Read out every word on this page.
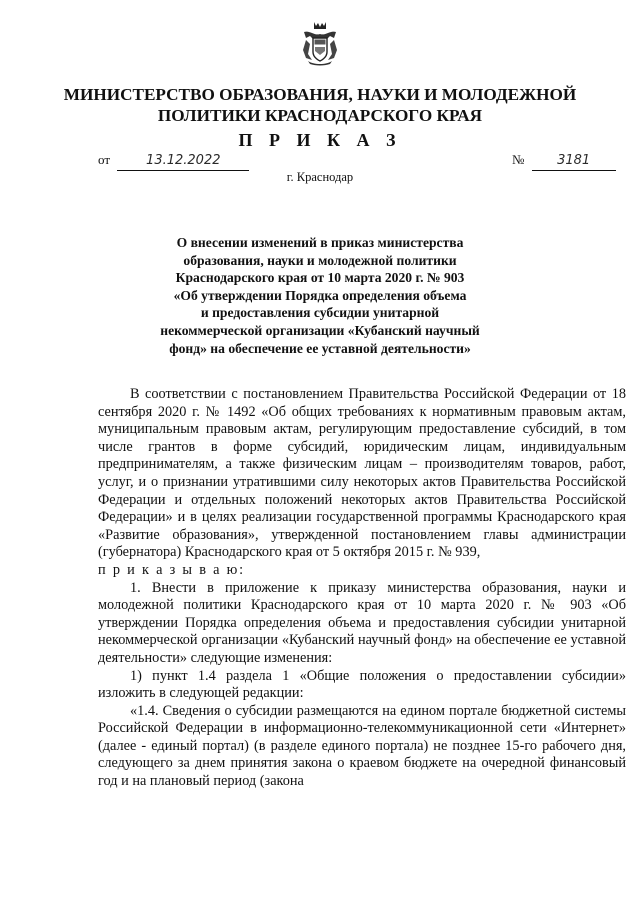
МИНИСТЕРСТВО ОБРАЗОВАНИЯ, НАУКИ И МОЛОДЕЖНОЙ
ПОЛИТИКИ КРАСНОДАРСКОГО КРАЯ
П Р И К А З
от	13.12.2022	№	3181
г. Краснодар
О внесении изменений в приказ министерства
образования, науки и молодежной политики
Краснодарского края от 10 марта 2020 г. № 903
«Об утверждении Порядка определения объема
и предоставления субсидии унитарной
некоммерческой организации «Кубанский научный
фонд» на обеспечение ее уставной деятельности»

В соответствии с постановлением Правительства Российской Федерации от 18 сентября 2020 г. № 1492 «Об общих требованиях к нормативным правовым актам, муниципальным правовым актам, регулирующим предоставление субсидий, в том числе грантов в форме субсидий, юридическим лицам, индивидуальным предпринимателям, а также физическим лицам – производителям товаров, работ, услуг, и о признании утратившими силу некоторых актов Правительства Российской Федерации и отдельных положений некоторых актов Правительства Российской Федерации» и в целях реализации государственной программы Краснодарского края «Развитие образования», утвержденной постановлением главы администрации (губернатора) Краснодарского края от 5 октября 2015 г. № 939,

п р и к а з ы в а ю:

1. Внести в приложение к приказу министерства образования, науки и молодежной политики Краснодарского края от 10 марта 2020 г. № 903 «Об утверждении Порядка определения объема и предоставления субсидии унитарной некоммерческой организации «Кубанский научный фонд» на обеспечение ее уставной деятельности» следующие изменения:

1) пункт 1.4 раздела 1 «Общие положения о предоставлении субсидии» изложить в следующей редакции:

«1.4. Сведения о субсидии размещаются на едином портале бюджетной системы Российской Федерации в информационно-телекоммуникационной сети «Интернет» (далее - единый портал) (в разделе единого портала) не позднее 15-го рабочего дня, следующего за днем принятия закона о краевом бюджете на очередной финансовый год и на плановый период (закона
